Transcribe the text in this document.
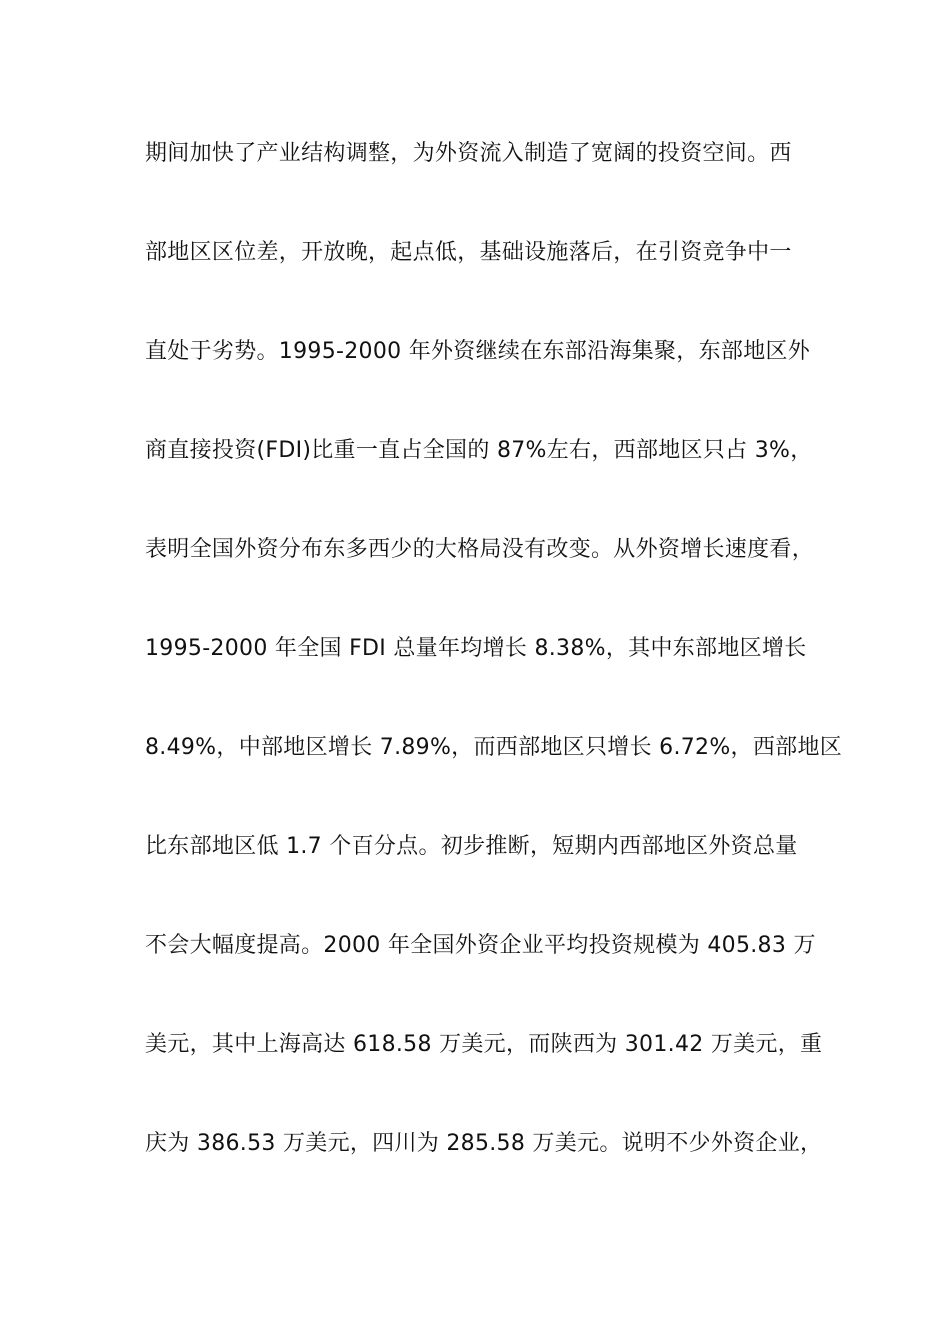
期间加快了产业结构调整，为外资流入制造了宽阔的投资空间。西
部地区区位差，开放晚，起点低，基础设施落后，在引资竞争中一
直处于劣势。1995-2000 年外资继续在东部沿海集聚，东部地区外
商直接投资(FDI)比重一直占全国的 87%左右，西部地区只占 3%，
表明全国外资分布东多西少的大格局没有改变。从外资增长速度看，
1995-2000 年全国 FDI 总量年均增长 8.38%，其中东部地区增长
8.49%，中部地区增长 7.89%，而西部地区只增长 6.72%，西部地区
比东部地区低 1.7 个百分点。初步推断，短期内西部地区外资总量
不会大幅度提高。2000 年全国外资企业平均投资规模为 405.83 万
美元，其中上海高达 618.58 万美元，而陕西为 301.42 万美元，重
庆为 386.53 万美元，四川为 285.58 万美元。说明不少外资企业，
